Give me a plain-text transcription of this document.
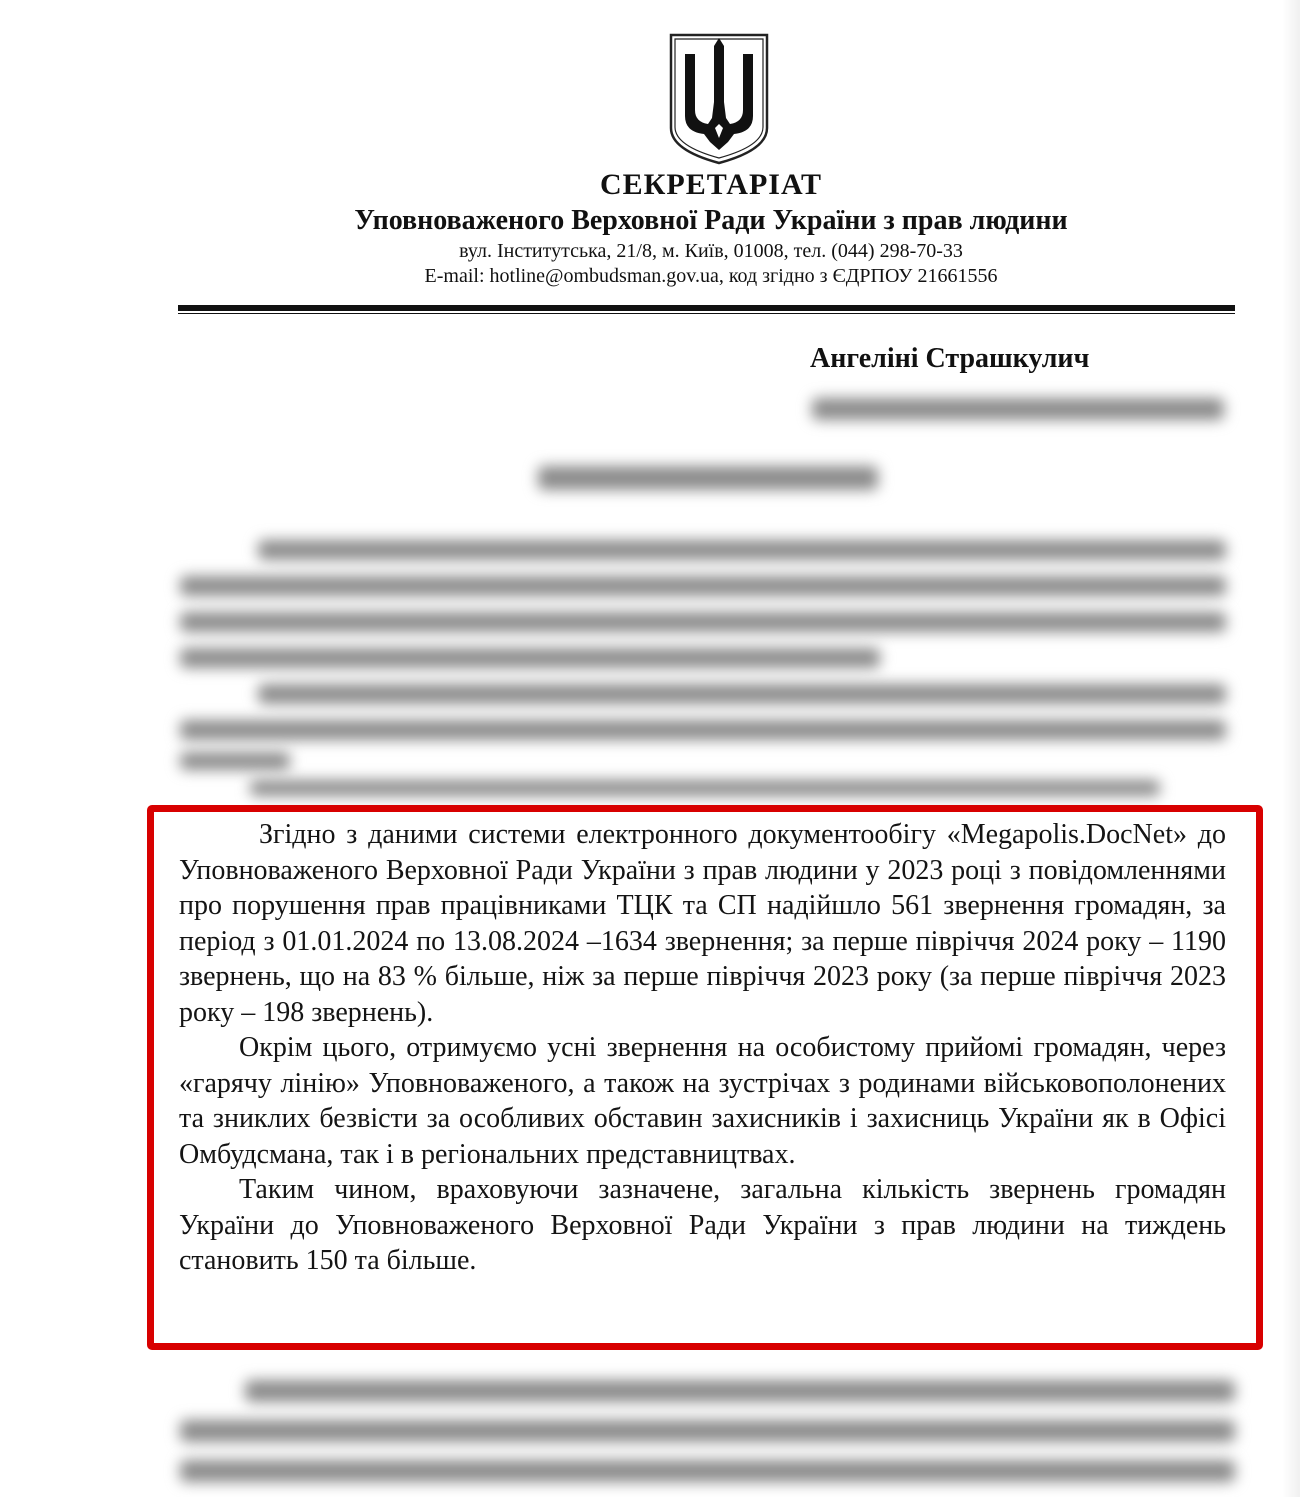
СЕКРЕТАРІАТ
Уповноваженого Верховної Ради України з прав людини
вул. Інститутська, 21/8, м. Київ, 01008, тел. (044) 298-70-33
E-mail: hotline@ombudsman.gov.ua, код згідно з ЄДРПОУ 21661556
Ангеліні Страшкулич

Згідно з даними системи електронного документообігу «Megapolis.DocNet» до Уповноваженого Верховної Ради України з прав людини у 2023 році з повідомленнями про порушення прав працівниками ТЦК та СП надійшло 561 звернення громадян, за період з 01.01.2024 по 13.08.2024 –1634 звернення; за перше півріччя 2024 року – 1190 звернень, що на 83 % більше, ніж за перше півріччя 2023 року (за перше півріччя 2023 року – 198 звернень).

Окрім цього, отримуємо усні звернення на особистому прийомі громадян, через «гарячу лінію» Уповноваженого, а також на зустрічах з родинами військовополонених та зниклих безвісти за особливих обставин захисників і захисниць України як в Офісі Омбудсмана, так і в регіональних представництвах.

Таким чином, враховуючи зазначене, загальна кількість звернень громадян України до Уповноваженого Верховної Ради України з прав людини на тиждень становить 150 та більше.
